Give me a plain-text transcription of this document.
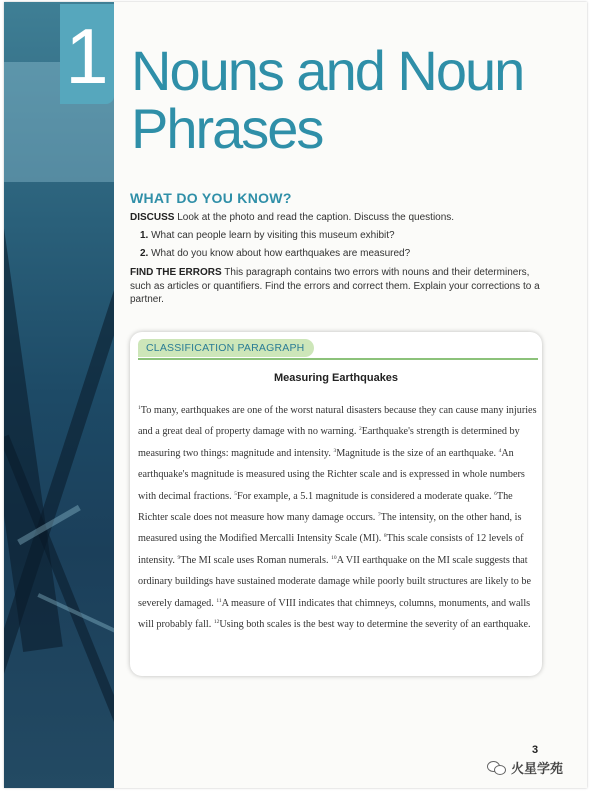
1 Nouns and Noun
Phrases
WHAT DO YOU KNOW?
DISCUSS Look at the photo and read the caption. Discuss the questions.
1. What can people learn by visiting this museum exhibit?
2. What do you know about how earthquakes are measured?
FIND THE ERRORS This paragraph contains two errors with nouns and their determiners, such as articles or quantifiers. Find the errors and correct them. Explain your corrections to a partner.
CLASSIFICATION PARAGRAPH
Measuring Earthquakes
$^1$To many, earthquakes are one of the worst natural disasters because they can cause many injuries and a great deal of property damage with no warning. $^2$Earthquake's strength is determined by measuring two things: magnitude and intensity. $^3$Magnitude is the size of an earthquake. $^4$An earthquake's magnitude is measured using the Richter scale and is expressed in whole numbers with decimal fractions. $^5$For example, a 5.1 magnitude is considered a moderate quake. $^6$The Richter scale does not measure how many damage occurs. $^7$The intensity, on the other hand, is measured using the Modified Mercalli Intensity Scale (MI). $^8$This scale consists of 12 levels of intensity. $^9$The MI scale uses Roman numerals. $^{10}$A VII earthquake on the MI scale suggests that ordinary buildings have sustained moderate damage while poorly built structures are likely to be severely damaged. $^{11}$A measure of VIII indicates that chimneys, columns, monuments, and walls will probably fall. $^{12}$Using both scales is the best way to determine the severity of an earthquake.
3
火星学苑
